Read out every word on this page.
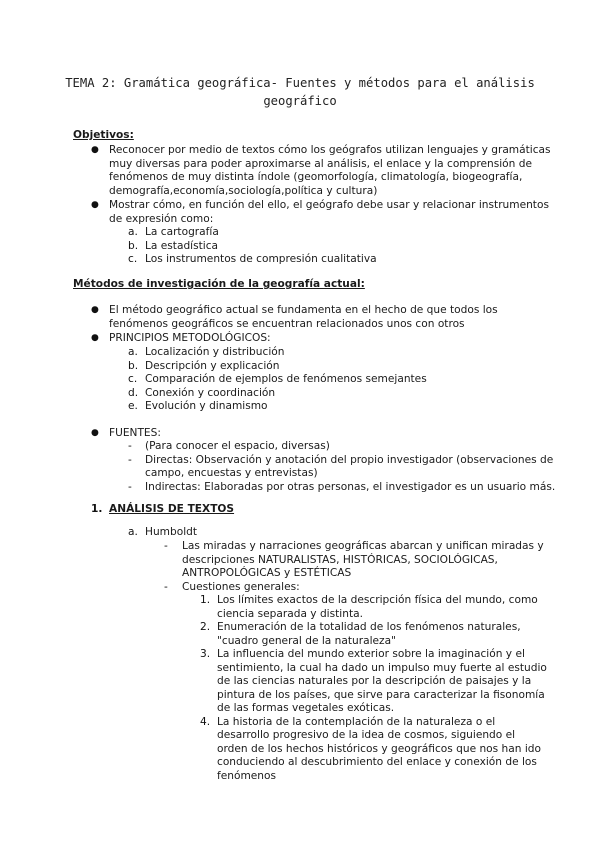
TEMA 2: Gramática geográfica- Fuentes y métodos para el análisis
geográfico
Objetivos:
● Reconocer por medio de textos cómo los geógrafos utilizan lenguajes y gramáticas
muy diversas para poder aproximarse al análisis, el enlace y la comprensión de
fenómenos de muy distinta índole (geomorfología, climatología, biogeografía,
demografía,economía,sociología,política y cultura)
● Mostrar cómo, en función del ello, el geógrafo debe usar y relacionar instrumentos
de expresión como:
a. La cartografía
b. La estadística
c. Los instrumentos de compresión cualitativa
Métodos de investigación de la geografía actual:
● El método geográfico actual se fundamenta en el hecho de que todos los
fenómenos geográficos se encuentran relacionados unos con otros
● PRINCIPIOS METODOLÓGICOS:
a. Localización y distribución
b. Descripción y explicación
c. Comparación de ejemplos de fenómenos semejantes
d. Conexión y coordinación
e. Evolución y dinamismo
● FUENTES:
- (Para conocer el espacio, diversas)
- Directas: Observación y anotación del propio investigador (observaciones de
campo, encuestas y entrevistas)
- Indirectas: Elaboradas por otras personas, el investigador es un usuario más.
1. ANÁLISIS DE TEXTOS
a. Humboldt
- Las miradas y narraciones geográficas abarcan y unifican miradas y
descripciones NATURALISTAS, HISTÓRICAS, SOCIOLÓGICAS,
ANTROPOLÓGICAS y ESTÉTICAS
- Cuestiones generales:
1. Los límites exactos de la descripción física del mundo, como
ciencia separada y distinta.
2. Enumeración de la totalidad de los fenómenos naturales,
"cuadro general de la naturaleza"
3. La influencia del mundo exterior sobre la imaginación y el
sentimiento, la cual ha dado un impulso muy fuerte al estudio
de las ciencias naturales por la descripción de paisajes y la
pintura de los países, que sirve para caracterizar la fisonomía
de las formas vegetales exóticas.
4. La historia de la contemplación de la naturaleza o el
desarrollo progresivo de la idea de cosmos, siguiendo el
orden de los hechos históricos y geográficos que nos han ido
conduciendo al descubrimiento del enlace y conexión de los
fenómenos
